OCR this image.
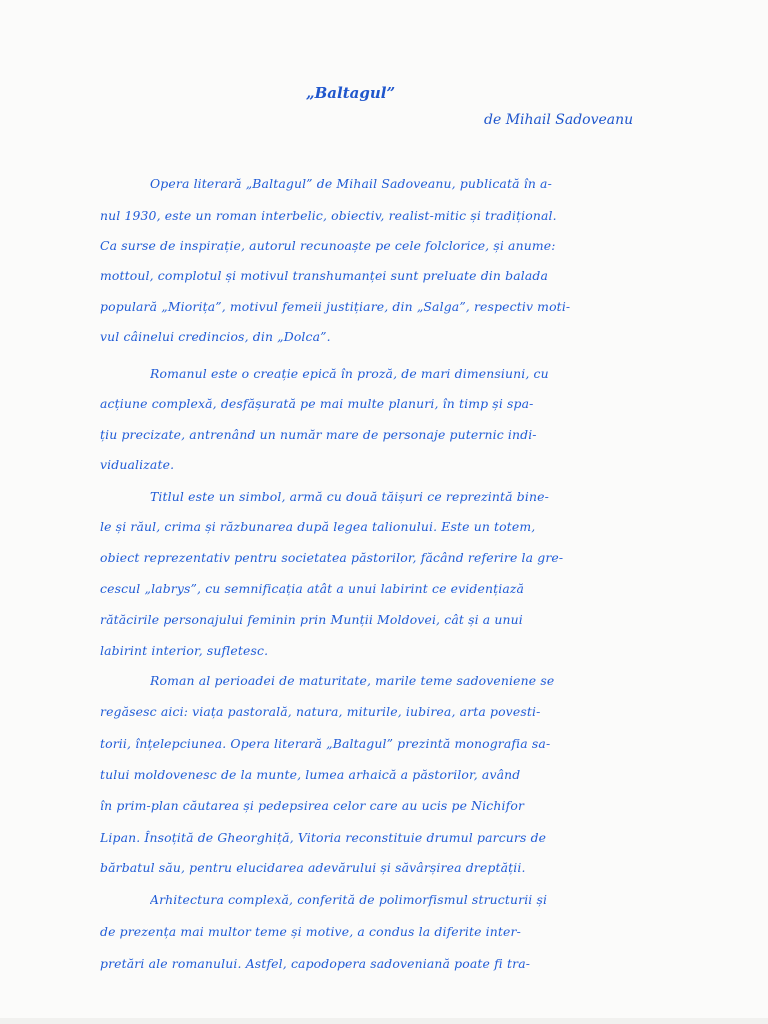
„Baltagul”
de Mihail Sadoveanu
Opera literară „Baltagul” de Mihail Sadoveanu, publicată în a-
nul 1930, este un roman interbelic, obiectiv, realist-mitic și tradițional.
Ca surse de inspirație, autorul recunoaște pe cele folclorice, și anume:
mottoul, complotul și motivul transhumanței sunt preluate din balada
populară „Miorița”, motivul femeii justițiare, din „Salga”, respectiv moti-
vul câinelui credincios, din „Dolca”.
Romanul este o creație epică în proză, de mari dimensiuni, cu
acțiune complexă, desfășurată pe mai multe planuri, în timp și spa-
țiu precizate, antrenând un număr mare de personaje puternic indi-
vidualizate.
Titlul este un simbol, armă cu două tăișuri ce reprezintă bine-
le și răul, crima și răzbunarea după legea talionului. Este un totem,
obiect reprezentativ pentru societatea păstorilor, făcând referire la gre-
cescul „labrys”, cu semnificația atât a unui labirint ce evidențiază
rătăcirile personajului feminin prin Munții Moldovei, cât și a unui
labirint interior, sufletesc.
Roman al perioadei de maturitate, marile teme sadoveniene se
regăsesc aici: viața pastorală, natura, miturile, iubirea, arta povesti-
torii, înțelepciunea. Opera literară „Baltagul” prezintă monografia sa-
tului moldovenesc de la munte, lumea arhaică a păstorilor, având
în prim-plan căutarea și pedepsirea celor care au ucis pe Nichifor
Lipan. Însoțită de Gheorghiță, Vitoria reconstituie drumul parcurs de
bărbatul său, pentru elucidarea adevărului și săvârșirea dreptății.
Arhitectura complexă, conferită de polimorfismul structurii și
de prezența mai multor teme și motive, a condus la diferite inter-
pretări ale romanului. Astfel, capodopera sadoveniană poate fi tra-
